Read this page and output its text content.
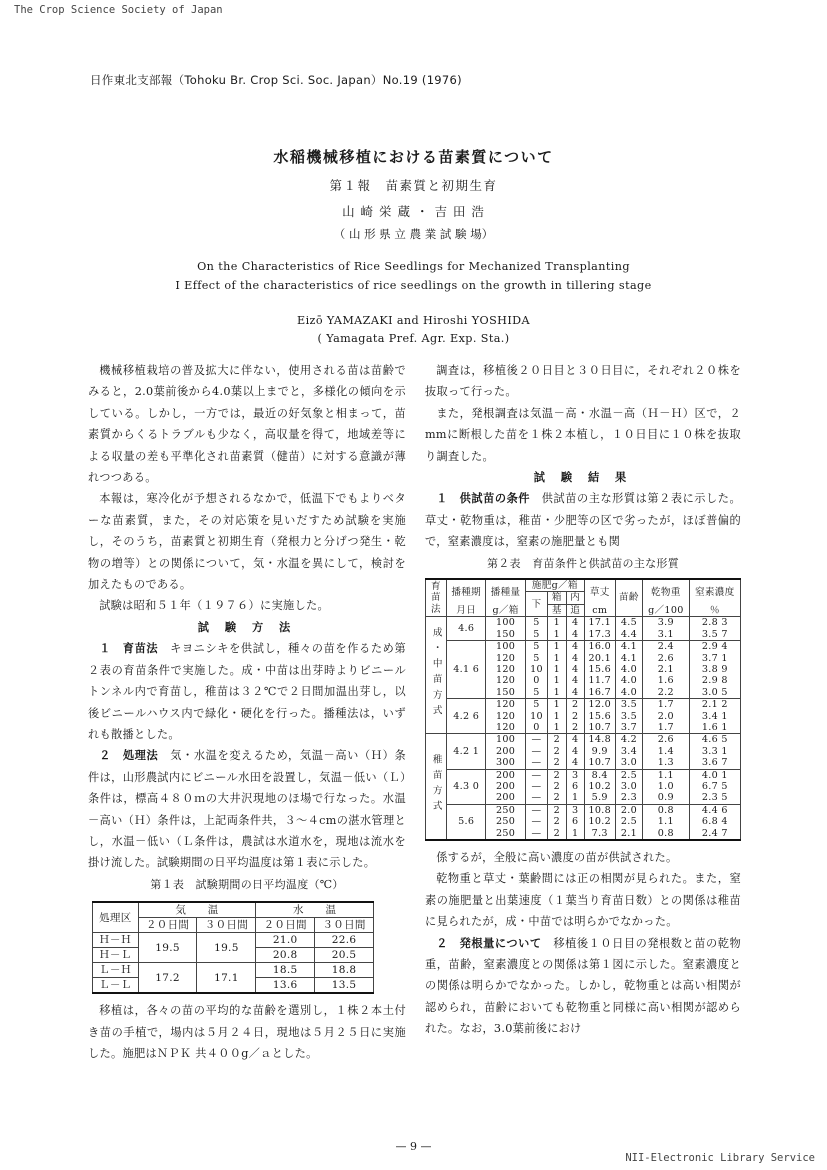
The Crop Science Society of Japan
NII-Electronic Library Service
— 9 —
日作東北支部報（Tohoku Br. Crop Sci. Soc. Japan）No.19 (1976)
水稲機械移植における苗素質について
第１報　苗素質と初期生育
山 崎 栄 蔵 ・ 吉 田 浩
（ 山 形 県 立 農 業 試 験 場）
On the Characteristics of Rice Seedlings for Mechanized Transplanting
I Effect of the characteristics of rice seedlings on the growth in tillering stage
Eizō YAMAZAKI and Hiroshi YOSHIDA
( Yamagata Pref. Agr. Exp. Sta.)

機械移植栽培の普及拡大に伴ない，使用される苗は苗齢でみると，2.0葉前後から4.0葉以上までと，多様化の傾向を示している。しかし，一方では，最近の好気象と相まって，苗素質からくるトラブルも少なく，高収量を得て，地域差等による収量の差も平準化され苗素質（健苗）に対する意識が薄れつつある。

本報は，寒冷化が予想されるなかで，低温下でもよりベターな苗素質，また，その対応策を見いだすため試験を実施し，そのうち，苗素質と初期生育（発根力と分げつ発生・乾物の増等）との関係について，気・水温を異にして，検討を加えたものである。

試験は昭和５１年（１９７６）に実施した。

試 験 方 法

１　育苗法　 キヨニシキを供試し，種々の苗を作るため第２表の育苗条件で実施した。成・中苗は出芽時よりビニールトンネル内で育苗し，稚苗は３２℃で２日間加温出芽し，以後ビニールハウス内で緑化・硬化を行った。播種法は，いずれも散播とした。

２　処理法　 気・水温を変えるため，気温－高い（Ｈ）条件は，山形農試内にビニール水田を設置し，気温－低い（Ｌ）条件は，標高４８０ｍの大井沢現地のほ場で行なった。水温－高い（Ｈ）条件は，上記両条件共，３～４cmの湛水管理とし，水温－低い（Ｌ条件は，農試は水道水を，現地は流水を掛け流した。試験期間の日平均温度は第１表に示した。

第１表　試験期間の日平均温度（℃）

処理区	気　　温		水　　温	
	２０日間	３０日間	２０日間	３０日間
Ｈ－Ｈ	19.5	19.5	21.0	22.6
Ｈ－Ｌ			20.8	20.5
Ｌ－Ｈ	17.2	17.1	18.5	18.8
Ｌ－Ｌ			13.6	13.5

移植は，各々の苗の平均的な苗齢を選別し，１株２本土付き苗の手植で，場内は５月２４日，現地は５月２５日に実施した。施肥はＮＰＫ 共４００g／ａとした。

調査は，移植後２０日目と３０日目に，それぞれ２０株を抜取って行った。

また，発根調査は気温－高・水温－高（Ｈ－Ｈ）区で，２mmに断根した苗を１株２本植し，１０日目に１０株を抜取り調査した。

試 験 結 果

１　供試苗の条件　 供試苗の主な形質は第２表に示した。草丈・乾物重は，稚苗・少肥等の区で劣ったが，ほぼ普偏的で，窒素濃度は，窒素の施肥量とも関

第２表　育苗条件と供試苗の主な形質

育苗法	播種期	播種量	施肥g／箱			草丈	苗齢	乾物重	窒素濃度
			下	箱	内				
	月日	g／箱		基	追	cm		g／100	％
成・中苗方式	4.6	100	5	1	4	17.1	4.5	3.9	2.8 3
		150	5	1	4	17.3	4.4	3.1	3.5 7
	4.1 6	100	5	1	4	16.0	4.1	2.4	2.9 4
		120	5	1	4	20.1	4.1	2.6	3.7 1
		120	10	1	4	15.6	4.0	2.1	3.8 9
		120	0	1	4	11.7	4.0	1.6	2.9 8
		150	5	1	4	16.7	4.0	2.2	3.0 5
	4.2 6	120	5	1	2	12.0	3.5	1.7	2.1 2
		120	10	1	2	15.6	3.5	2.0	3.4 1
		120	0	1	2	10.7	3.7	1.7	1.6 1
稚苗方式	4.2 1	100	—	2	4	14.8	4.2	2.6	4.6 5
		200	—	2	4	9.9	3.4	1.4	3.3 1
		300	—	2	4	10.7	3.0	1.3	3.6 7
	4.3 0	200	—	2	3	8.4	2.5	1.1	4.0 1
		200	—	2	6	10.2	3.0	1.0	6.7 5
		200	—	2	1	5.9	2.3	0.9	2.3 5
	5.6	250	—	2	3	10.8	2.0	0.8	4.4 6
		250	—	2	6	10.2	2.5	1.1	6.8 4
		250	—	2	1	7.3	2.1	0.8	2.4 7

係するが，全般に高い濃度の苗が供試された。

乾物重と草丈・葉齢間には正の相関が見られた。また，窒素の施肥量と出葉速度（１葉当り育苗日数）との関係は稚苗に見られたが，成・中苗では明らかでなかった。

２　発根量について　 移植後１０日目の発根数と苗の乾物重，苗齢，窒素濃度との関係は第１図に示した。窒素濃度との関係は明らかでなかった。しかし，乾物重とは高い相関が認められ，苗齢においても乾物重と同様に高い相関が認められた。なお，3.0葉前後におけ
